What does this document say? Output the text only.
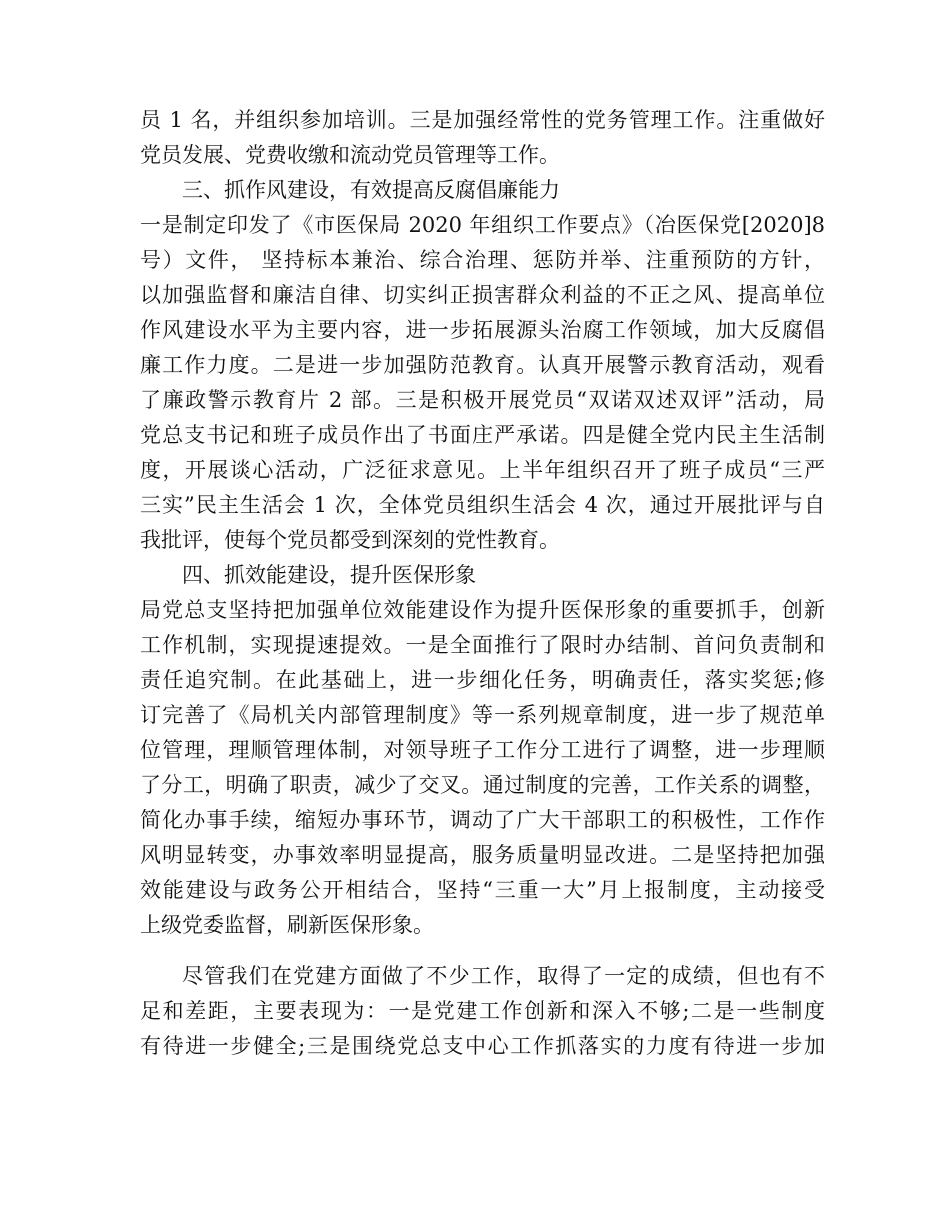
员 1 名，并组织参加培训。三是加强经常性的党务管理工作。注重做好
党员发展、党费收缴和流动党员管理等工作。
三、抓作风建设，有效提高反腐倡廉能力
一是制定印发了《市医保局 2020 年组织工作要点》（冶医保党[2020]8
号）文件， 坚持标本兼治、综合治理、惩防并举、注重预防的方针，
以加强监督和廉洁自律、切实纠正损害群众利益的不正之风、提高单位
作风建设水平为主要内容，进一步拓展源头治腐工作领域，加大反腐倡
廉工作力度。二是进一步加强防范教育。认真开展警示教育活动，观看
了廉政警示教育片 2 部。三是积极开展党员“双诺双述双评”活动，局
党总支书记和班子成员作出了书面庄严承诺。四是健全党内民主生活制
度，开展谈心活动，广泛征求意见。上半年组织召开了班子成员“三严
三实”民主生活会 1 次，全体党员组织生活会 4 次，通过开展批评与自
我批评，使每个党员都受到深刻的党性教育。
四、抓效能建设，提升医保形象
局党总支坚持把加强单位效能建设作为提升医保形象的重要抓手，创新
工作机制，实现提速提效。一是全面推行了限时办结制、首问负责制和
责任追究制。在此基础上，进一步细化任务，明确责任，落实奖惩;修
订完善了《局机关内部管理制度》等一系列规章制度，进一步了规范单
位管理，理顺管理体制，对领导班子工作分工进行了调整，进一步理顺
了分工，明确了职责，减少了交叉。通过制度的完善，工作关系的调整，
简化办事手续，缩短办事环节，调动了广大干部职工的积极性，工作作
风明显转变，办事效率明显提高，服务质量明显改进。二是坚持把加强
效能建设与政务公开相结合，坚持“三重一大”月上报制度，主动接受
上级党委监督，刷新医保形象。
尽管我们在党建方面做了不少工作，取得了一定的成绩，但也有不
足和差距，主要表现为：一是党建工作创新和深入不够;二是一些制度
有待进一步健全;三是围绕党总支中心工作抓落实的力度有待进一步加
